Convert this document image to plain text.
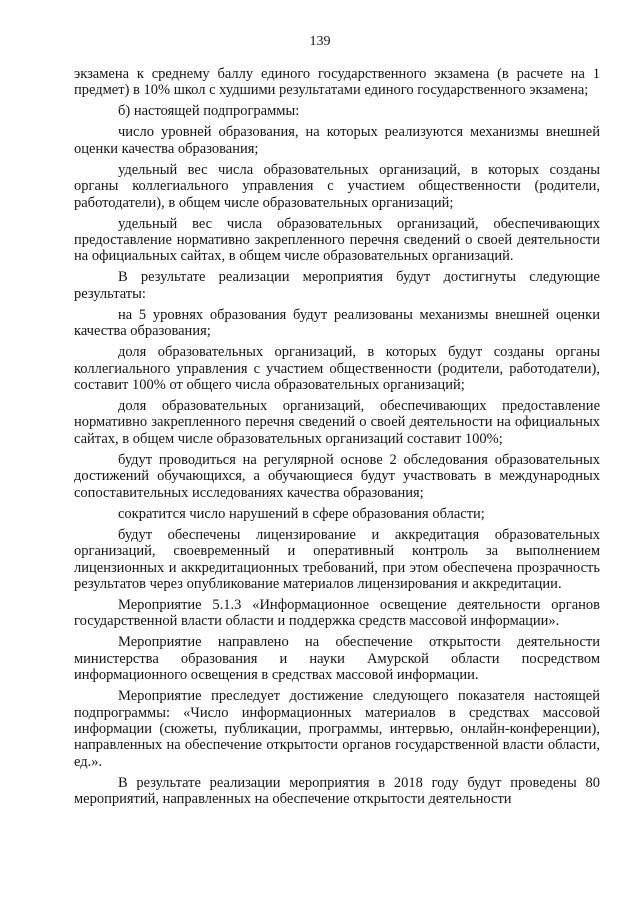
139

экзамена к среднему баллу единого государственного экзамена (в расчете на 1 предмет) в 10% школ с худшими результатами единого государственного экзамена;

б) настоящей подпрограммы:

число уровней образования, на которых реализуются механизмы внешней оценки качества образования;

удельный вес числа образовательных организаций, в которых созданы органы коллегиального управления с участием общественности (родители, работодатели), в общем числе образовательных организаций;

удельный вес числа образовательных организаций, обеспечивающих предоставление нормативно закрепленного перечня сведений о своей деятельности на официальных сайтах, в общем числе образовательных организаций.

В результате реализации мероприятия будут достигнуты следующие результаты:

на 5 уровнях образования будут реализованы механизмы внешней оценки качества образования;

доля образовательных организаций, в которых будут созданы органы коллегиального управления с участием общественности (родители, работодатели), составит 100% от общего числа образовательных организаций;

доля образовательных организаций, обеспечивающих предоставление нормативно закрепленного перечня сведений о своей деятельности на официальных сайтах, в общем числе образовательных организаций составит 100%;

будут проводиться на регулярной основе 2 обследования образовательных достижений обучающихся, а обучающиеся будут участвовать в международных сопоставительных исследованиях качества образования;

сократится число нарушений в сфере образования области;

будут обеспечены лицензирование и аккредитация образовательных организаций, своевременный и оперативный контроль за выполнением лицензионных и аккредитационных требований, при этом обеспечена прозрачность результатов через опубликование материалов лицензирования и аккредитации.

Мероприятие 5.1.3 «Информационное освещение деятельности органов государственной власти области и поддержка средств массовой информации».

Мероприятие направлено на обеспечение открытости деятельности министерства образования и науки Амурской области посредством информационного освещения в средствах массовой информации.

Мероприятие преследует достижение следующего показателя настоящей подпрограммы: «Число информационных материалов в средствах массовой информации (сюжеты, публикации, программы, интервью, онлайн-конференции), направленных на обеспечение открытости органов государственной власти области, ед.».

В результате реализации мероприятия в 2018 году будут проведены 80 мероприятий, направленных на обеспечение открытости деятельности
